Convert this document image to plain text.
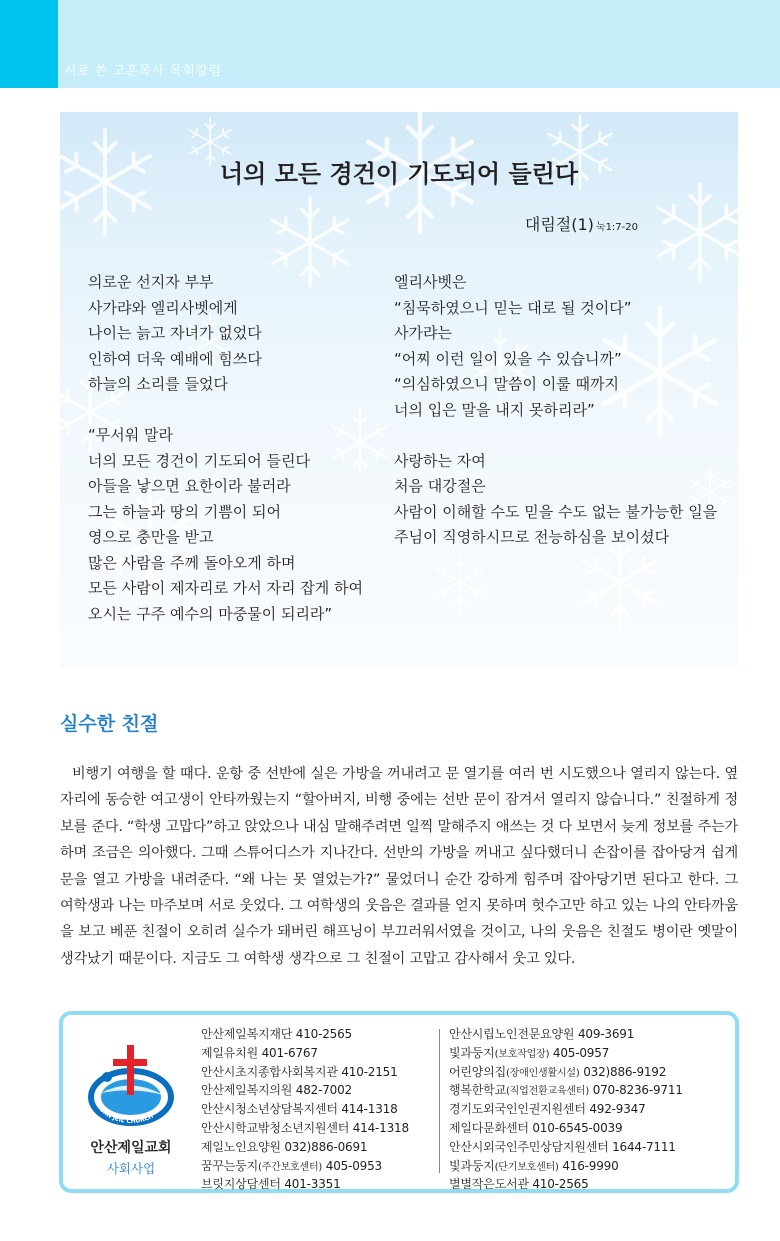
시로 쓴 고훈목사 목회칼럼
너의 모든 경건이 기도되어 들린다
대림절(1) 눅1:7-20
의로운 선지자 부부
사가랴와 엘리사벳에게
나이는 늙고 자녀가 없었다
인하여 더욱 예배에 힘쓰다
하늘의 소리를 들었다
“무서워 말라
너의 모든 경건이 기도되어 들린다
아들을 낳으면 요한이라 불러라
그는 하늘과 땅의 기쁨이 되어
영으로 충만을 받고
많은 사람을 주께 돌아오게 하며
모든 사람이 제자리로 가서 자리 잡게 하여
오시는 구주 예수의 마중물이 되리라”
엘리사벳은
“침묵하였으니 믿는 대로 될 것이다”
사가랴는
“어찌 이런 일이 있을 수 있습니까”
“의심하였으니 말씀이 이룰 때까지
너의 입은 말을 내지 못하리라”
사랑하는 자여
처음 대강절은
사람이 이해할 수도 믿을 수도 없는 불가능한 일을
주님이 직영하시므로 전능하심을 보이셨다
실수한 친절

비행기 여행을 할 때다. 운항 중 선반에 실은 가방을 꺼내려고 문 열기를 여러 번 시도했으나 열리지 않는다. 옆자리에 동승한 여고생이 안타까웠는지 “할아버지, 비행 중에는 선반 문이 잠겨서 열리지 않습니다.” 친절하게 정보를 준다. “학생 고맙다”하고 앉았으나 내심 말해주려면 일찍 말해주지 애쓰는 것 다 보면서 늦게 정보를 주는가하며 조금은 의아했다. 그때 스튜어디스가 지나간다. 선반의 가방을 꺼내고 싶다했더니 손잡이를 잡아당겨 쉽게 문을 열고 가방을 내려준다. “왜 나는 못 열었는가?” 물었더니 순간 강하게 힘주며 잡아당기면 된다고 한다. 그 여학생과 나는 마주보며 서로 웃었다. 그 여학생의 웃음은 결과를 얻지 못하며 헛수고만 하고 있는 나의 안타까움을 보고 베푼 친절이 오히려 실수가 돼버린 해프닝이 부끄러워서였을 것이고, 나의 웃음은 친절도 병이란 옛말이 생각났기 때문이다. 지금도 그 여학생 생각으로 그 친절이 고맙고 감사해서 웃고 있다.

ANSAN JEIL CHURCH
안산제일교회
사회사업
안산제일복지재단 410-2565
제일유치원 401-6767
안산시초지종합사회복지관 410-2151
안산제일복지의원 482-7002
안산시청소년상담복지센터 414-1318
안산시학교밖청소년지원센터 414-1318
제일노인요양원 032)886-0691
꿈꾸는둥지(주간보호센터) 405-0953
브릿지상담센터 401-3351
안산시립노인전문요양원 409-3691
빛과둥지(보호작업장) 405-0957
어린양의집(장애인생활시설) 032)886-9192
행복한학교(직업전환교육센터) 070-8236-9711
경기도외국인인권지원센터 492-9347
제일다문화센터 010-6545-0039
안산시외국인주민상담지원센터 1644-7111
빛과둥지(단기보호센터) 416-9990
별별작은도서관 410-2565
